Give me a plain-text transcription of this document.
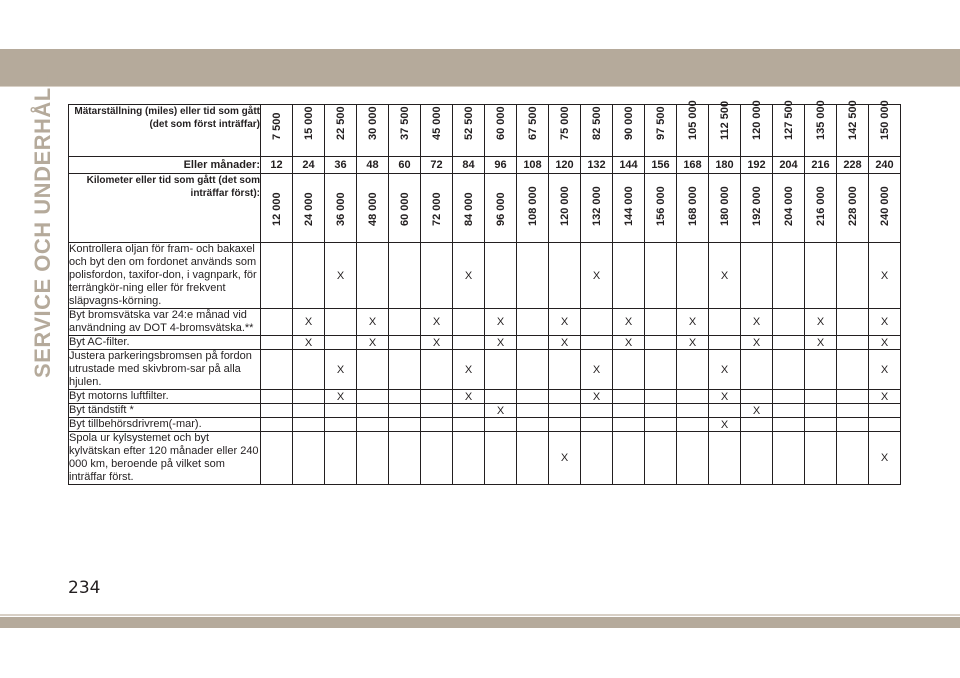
SERVICE OCH UNDERHÅLL Mätarställning (miles) eller tid som gått (det som först inträffar)	7 500	15 000	22 500	30 000	37 500	45 000	52 500	60 000	67 500	75 000	82 500	90 000	97 500	105 000	112 500	120 000	127 500	135 000	142 500	150 000

Eller månader:	12	24	36	48	60	72	84	96	108	120	132	144	156	168	180	192	204	216	228	240
Kilometer eller tid som gått (det som inträffar först):	12 000	24 000	36 000	48 000	60 000	72 000	84 000	96 000	108 000	120 000	132 000	144 000	156 000	168 000	180 000	192 000	204 000	216 000	228 000	240 000

Kontrollera oljan för fram- och bakaxel och byt den om fordonet används som polisfordon, taxifor-don, i vagnpark, för terrängkör-ning eller för frekvent släpvagns-körning.			X				X				X				X					X
Byt bromsvätska var 24:e månad vid användning av DOT 4-bromsvätska.**		X		X		X		X		X		X		X		X		X		X
Byt AC-filter.		X		X		X		X		X		X		X		X		X		X
Justera parkeringsbromsen på fordon utrustade med skivbrom-sar på alla hjulen.			X				X				X				X					X
Byt motorns luftfilter.			X				X				X				X					X
Byt tändstift *								X								X				
Byt tillbehörsdrivrem(-mar).															X					
Spola ur kylsystemet och byt kylvätskan efter 120 månader eller 240 000 km, beroende på vilket som inträffar först.										X										X
234
